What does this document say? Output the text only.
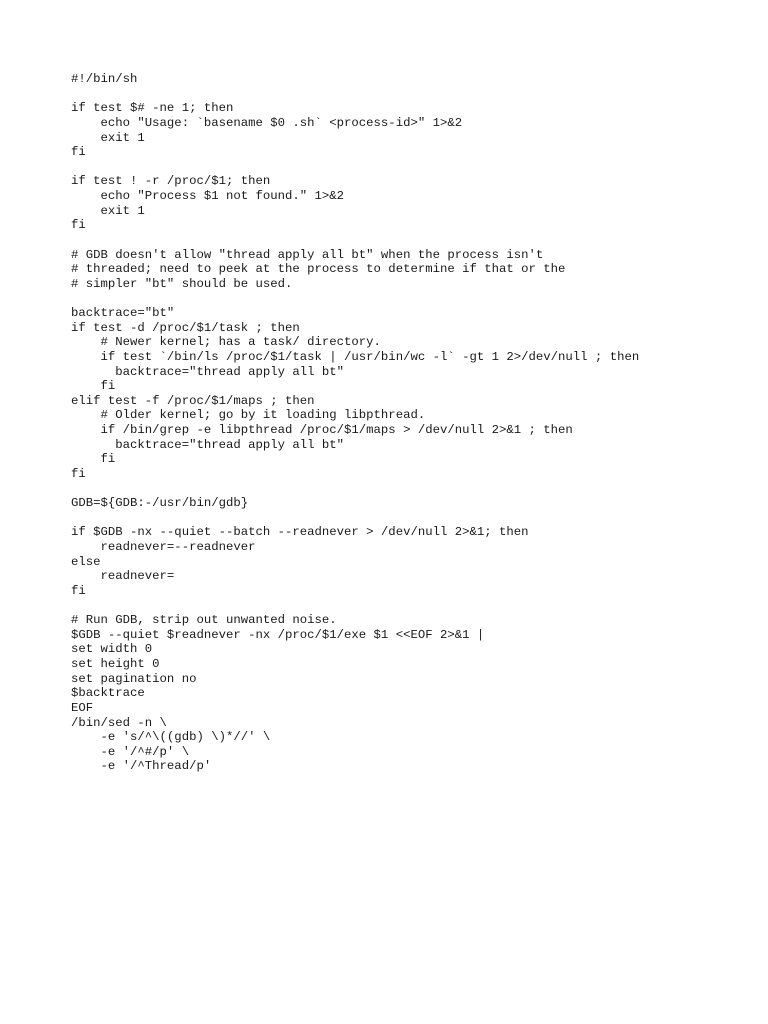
#!/bin/sh
if test $# -ne 1; then
echo "Usage: `basename $0 .sh` <process-id>" 1>&2
exit 1
fi
if test ! -r /proc/$1; then
echo "Process $1 not found." 1>&2
exit 1
fi
# GDB doesn't allow "thread apply all bt" when the process isn't
# threaded; need to peek at the process to determine if that or the
# simpler "bt" should be used.
backtrace="bt"
if test -d /proc/$1/task ; then
# Newer kernel; has a task/ directory.
if test `/bin/ls /proc/$1/task | /usr/bin/wc -l` -gt 1 2>/dev/null ; then
backtrace="thread apply all bt"
fi
elif test -f /proc/$1/maps ; then
# Older kernel; go by it loading libpthread.
if /bin/grep -e libpthread /proc/$1/maps > /dev/null 2>&1 ; then
backtrace="thread apply all bt"
fi
fi
GDB=${GDB:-/usr/bin/gdb}
if $GDB -nx --quiet --batch --readnever > /dev/null 2>&1; then
readnever=--readnever
else
readnever=
fi
# Run GDB, strip out unwanted noise.
$GDB --quiet $readnever -nx /proc/$1/exe $1 <<EOF 2>&1 |
set width 0
set height 0
set pagination no
$backtrace
EOF
/bin/sed -n \
-e 's/^\((gdb) \)*//' \
-e '/^#/p' \
-e '/^Thread/p'
